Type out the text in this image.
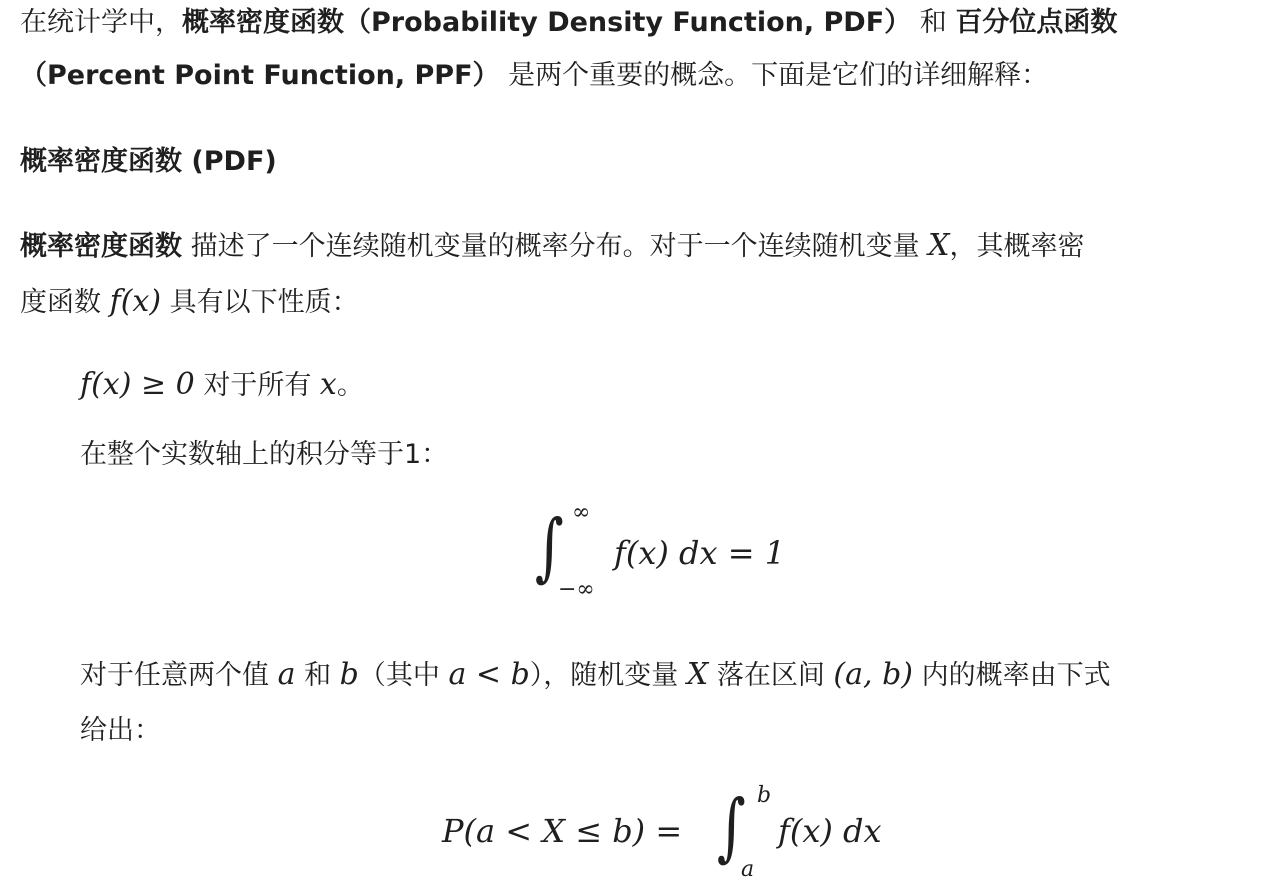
在统计学中，概率密度函数（Probability Density Function, PDF） 和 百分位点函数
（Percent Point Function, PPF） 是两个重要的概念。下面是它们的详细解释：
概率密度函数 (PDF)
概率密度函数 描述了一个连续随机变量的概率分布。对于一个连续随机变量 X，其概率密
度函数 f(x) 具有以下性质：
f(x) ≥ 0 对于所有 x。
在整个实数轴上的积分等于1：
∫ ∞
−∞
f(x) dx = 1
对于任意两个值 a 和 b（其中 a < b），随机变量 X 落在区间 (a, b) 内的概率由下式
给出：
P(a < X ≤ b) = ∫ b
a
f(x) dx
